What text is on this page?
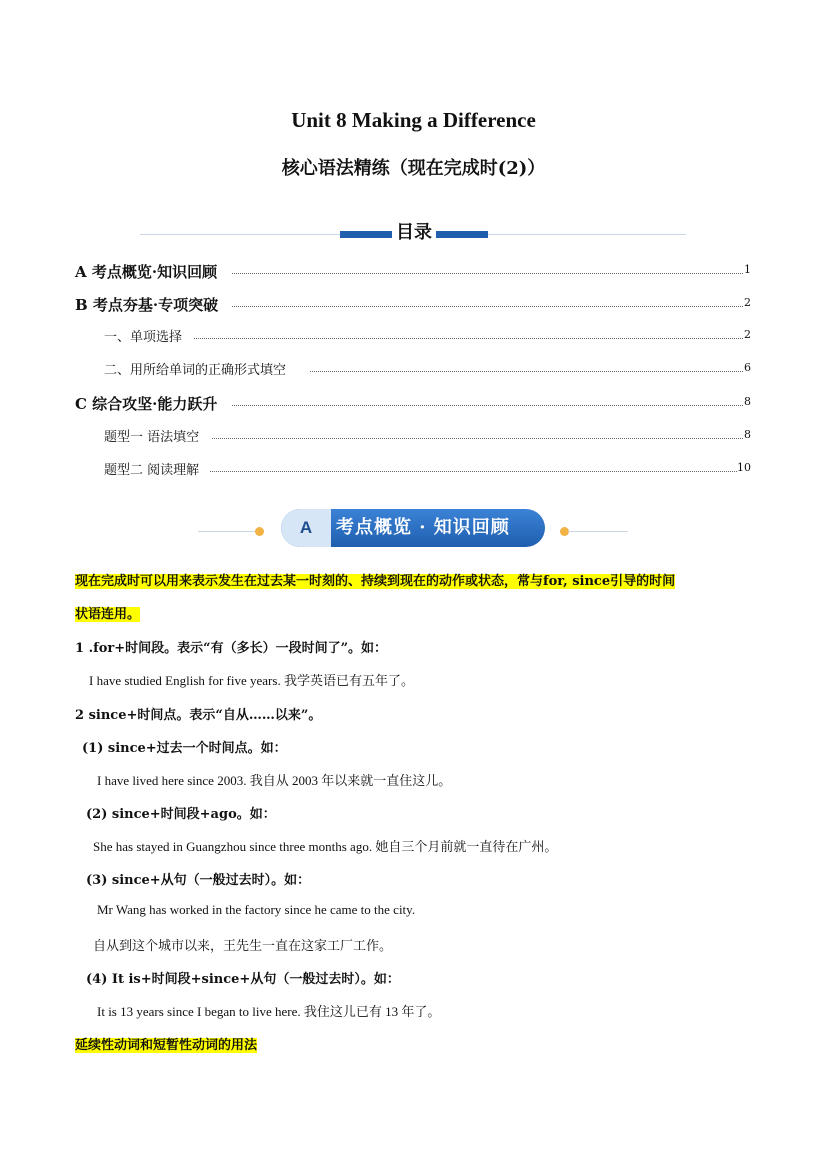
Unit 8 Making a Difference
核心语法精练（现在完成时(2)）
目录
A 考点概览·知识回顾	1
B 考点夯基·专项突破	2
一、单项选择	2
二、用所给单词的正确形式填空	6
C 综合攻坚·能力跃升	8
题型一 语法填空	8
题型二 阅读理解	10
A	考点概览 · 知识回顾
现在完成时可以用来表示发生在过去某一时刻的、持续到现在的动作或状态，常与for, since引导的时间
状语连用。
1 .for+时间段。表示“有（多长）一段时间了”。如：
I have studied English for five years. 我学英语已有五年了。
2 since+时间点。表示“自从……以来”。
(1) since+过去一个时间点。如：
I have lived here since 2003. 我自从 2003 年以来就一直住这儿。
(2) since+时间段+ago。如：
She has stayed in Guangzhou since three months ago. 她自三个月前就一直待在广州。
(3) since+从句（一般过去时）。如：
Mr Wang has worked in the factory since he came to the city.
自从到这个城市以来，王先生一直在这家工厂工作。
(4) It is+时间段+since+从句（一般过去时）。如：
It is 13 years since I began to live here. 我住这儿已有 13 年了。
延续性动词和短暂性动词的用法
